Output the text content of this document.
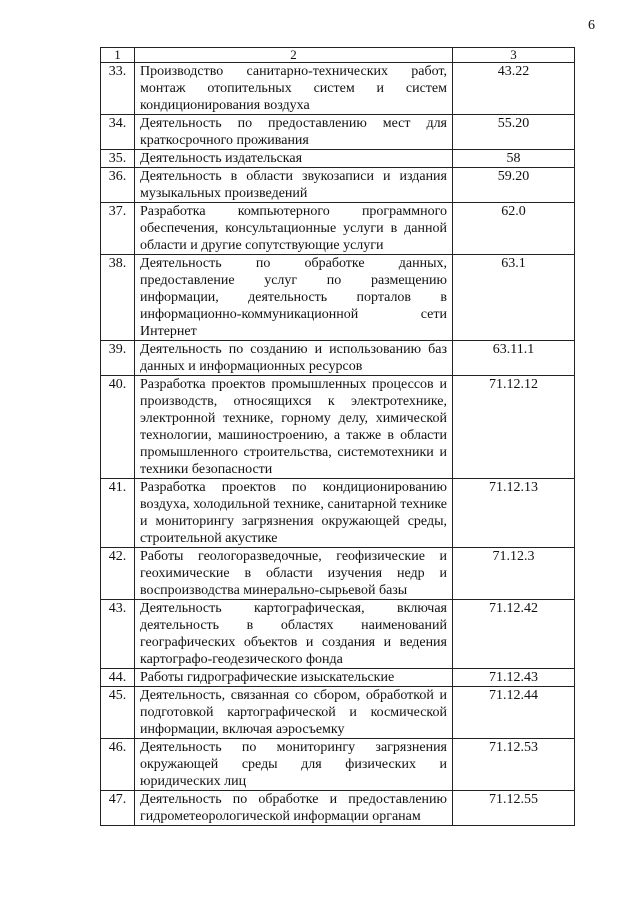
6
1	2	3
33.	Производство санитарно-технических работ, монтаж отопительных систем и систем кондиционирования воздуха	43.22
34.	Деятельность по предоставлению мест для краткосрочного проживания	55.20
35.	Деятельность издательская	58
36.	Деятельность в области звукозаписи и издания музыкальных произведений	59.20
37.	Разработка компьютерного программного обеспечения, консультационные услуги в данной области и другие сопутствующие услуги	62.0
38.	Деятельность по обработке данных, предоставление услуг по размещению информации, деятельность порталов в информационно-коммуникационной сети Интернет	63.1
39.	Деятельность по созданию и использованию баз данных и информационных ресурсов	63.11.1
40.	Разработка проектов промышленных процессов и производств, относящихся к электротехнике, электронной технике, горному делу, химической технологии, машиностроению, а также в области промышленного строительства, системотехники и техники безопасности	71.12.12
41.	Разработка проектов по кондиционированию воздуха, холодильной технике, санитарной технике и мониторингу загрязнения окружающей среды, строительной акустике	71.12.13
42.	Работы геологоразведочные, геофизические и геохимические в области изучения недр и воспроизводства минерально-сырьевой базы	71.12.3
43.	Деятельность картографическая, включая деятельность в областях наименований географических объектов и создания и ведения картографо-геодезического фонда	71.12.42
44.	Работы гидрографические изыскательские	71.12.43
45.	Деятельность, связанная со сбором, обработкой и подготовкой картографической и космической информации, включая аэросъемку	71.12.44
46.	Деятельность по мониторингу загрязнения окружающей среды для физических и юридических лиц	71.12.53
47.	Деятельность по обработке и предоставлению гидрометеорологической информации органам	71.12.55
